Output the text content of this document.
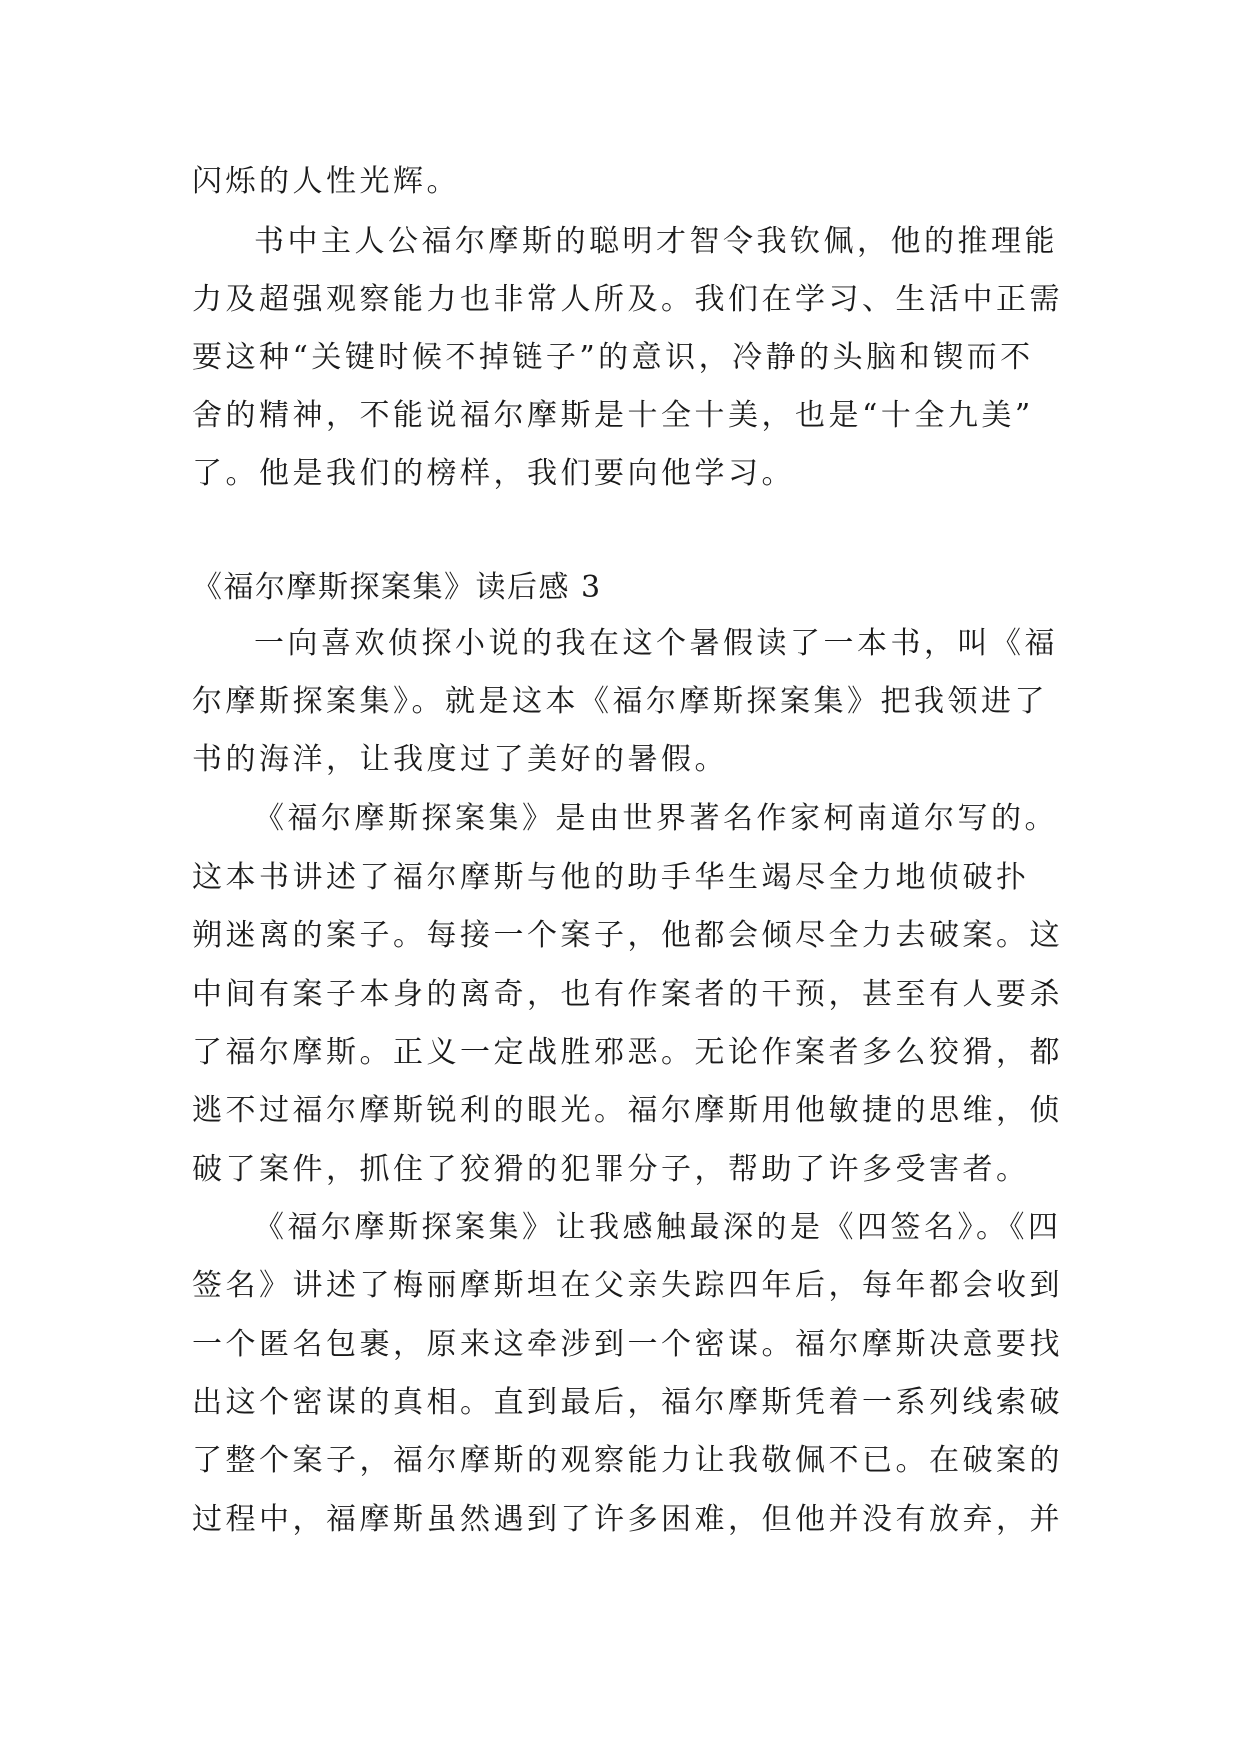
闪烁的人性光辉。

书中主人公福尔摩斯的聪明才智令我钦佩，他的推理能

力及超强观察能力也非常人所及。我们在学习、生活中正需

要这种“关键时候不掉链子”的意识，冷静的头脑和锲而不

舍的精神，不能说福尔摩斯是十全十美，也是“十全九美”

了。他是我们的榜样，我们要向他学习。

《福尔摩斯探案集》读后感 3

一向喜欢侦探小说的我在这个暑假读了一本书，叫《福

尔摩斯探案集》。就是这本《福尔摩斯探案集》把我领进了

书的海洋，让我度过了美好的暑假。

《福尔摩斯探案集》是由世界著名作家柯南道尔写的。

这本书讲述了福尔摩斯与他的助手华生竭尽全力地侦破扑

朔迷离的案子。每接一个案子，他都会倾尽全力去破案。这

中间有案子本身的离奇，也有作案者的干预，甚至有人要杀

了福尔摩斯。正义一定战胜邪恶。无论作案者多么狡猾，都

逃不过福尔摩斯锐利的眼光。福尔摩斯用他敏捷的思维，侦

破了案件，抓住了狡猾的犯罪分子，帮助了许多受害者。

《福尔摩斯探案集》让我感触最深的是《四签名》。《四

签名》讲述了梅丽摩斯坦在父亲失踪四年后，每年都会收到

一个匿名包裹，原来这牵涉到一个密谋。福尔摩斯决意要找

出这个密谋的真相。直到最后，福尔摩斯凭着一系列线索破

了整个案子，福尔摩斯的观察能力让我敬佩不已。在破案的

过程中，福摩斯虽然遇到了许多困难，但他并没有放弃，并
